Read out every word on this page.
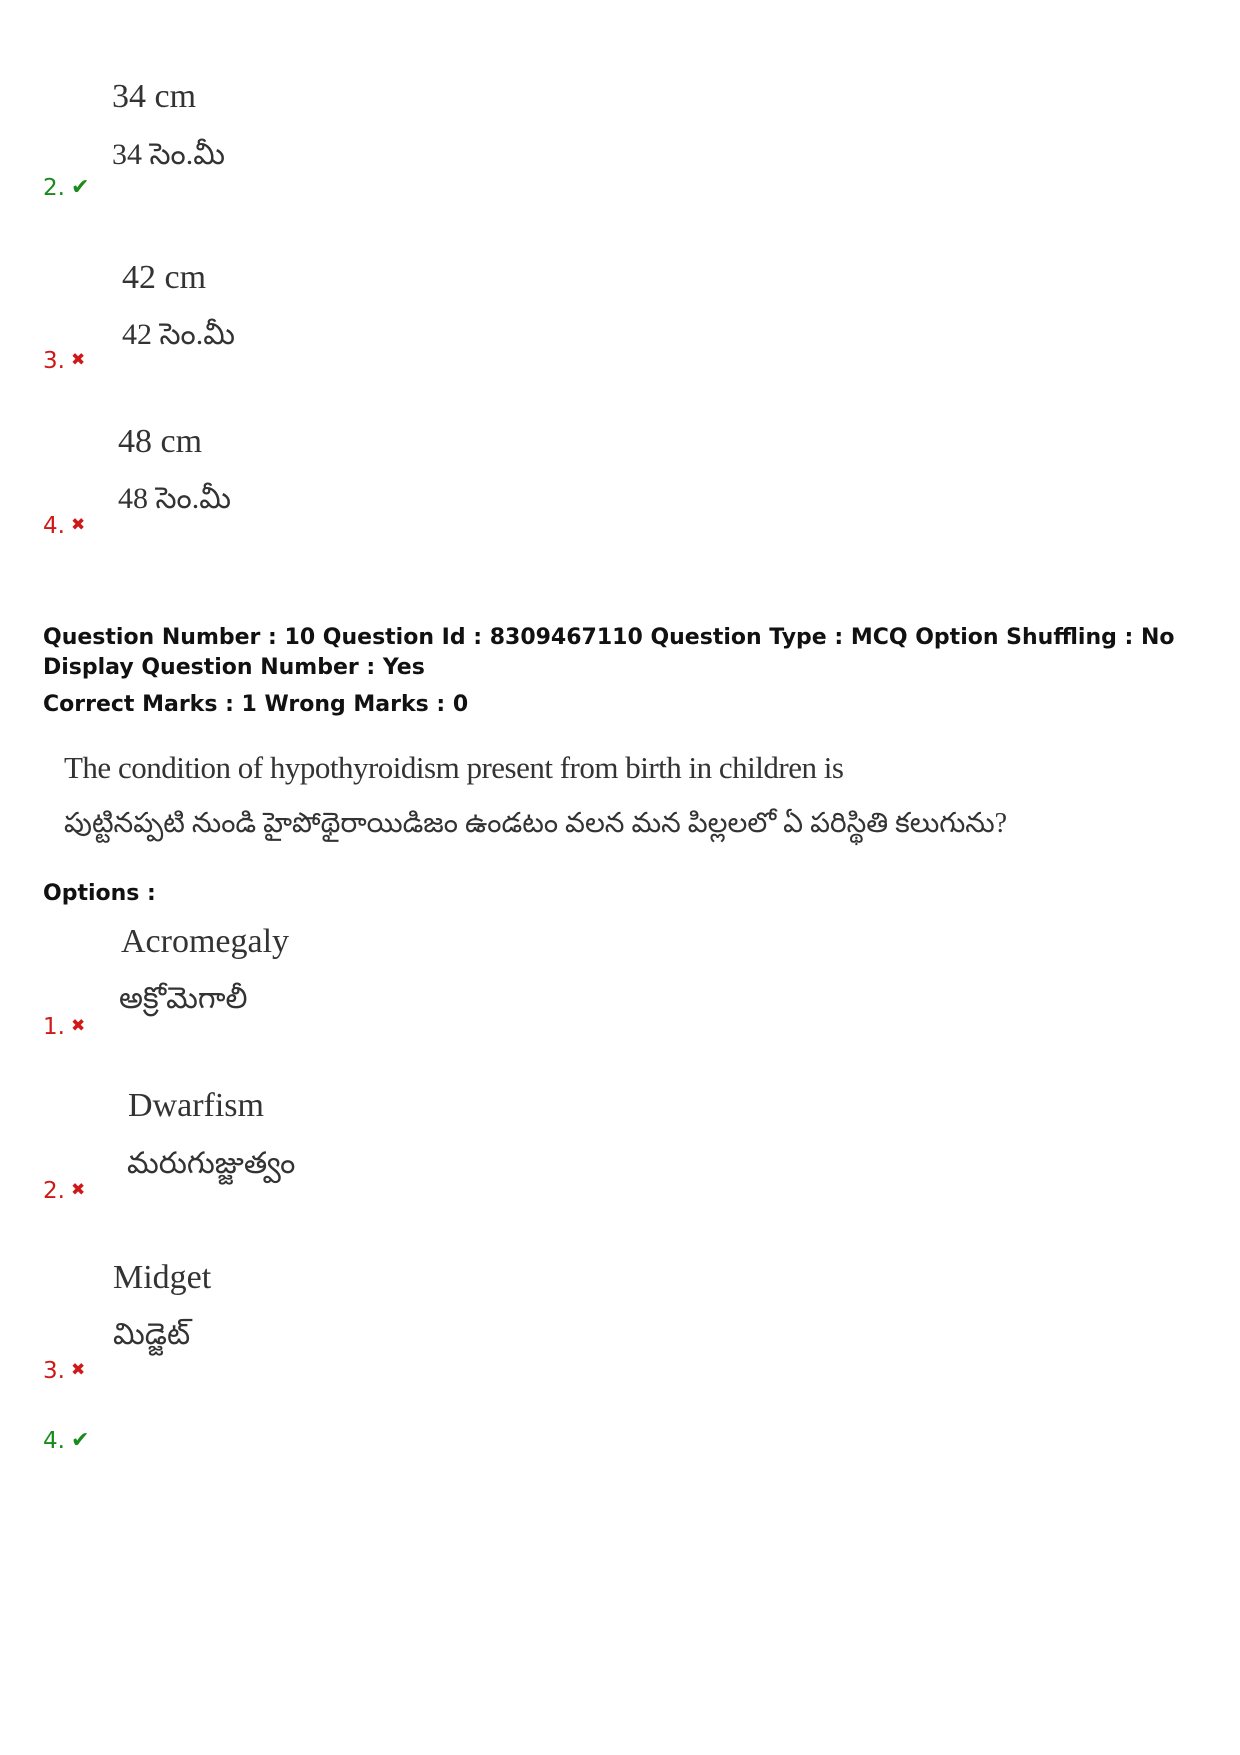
34 cm
34 సెం.మీ
2. ✔
42 cm
42 సెం.మీ
3. ✖
48 cm
48 సెం.మీ
4. ✖
Question Number : 10 Question Id : 8309467110 Question Type : MCQ Option Shuffling : No
Display Question Number : Yes
Correct Marks : 1 Wrong Marks : 0
The condition of hypothyroidism present from birth in children is
పుట్టినప్పటి నుండి హైపోథైరాయిడిజం ఉండటం వలన మన పిల్లలలో ఏ పరిస్థితి కలుగును?
Options :
Acromegaly
అక్రోమెగాలీ
1. ✖
Dwarfism
మరుగుజ్జుత్వం
2. ✖
Midget
మిడ్జెట్
3. ✖
4. ✔
